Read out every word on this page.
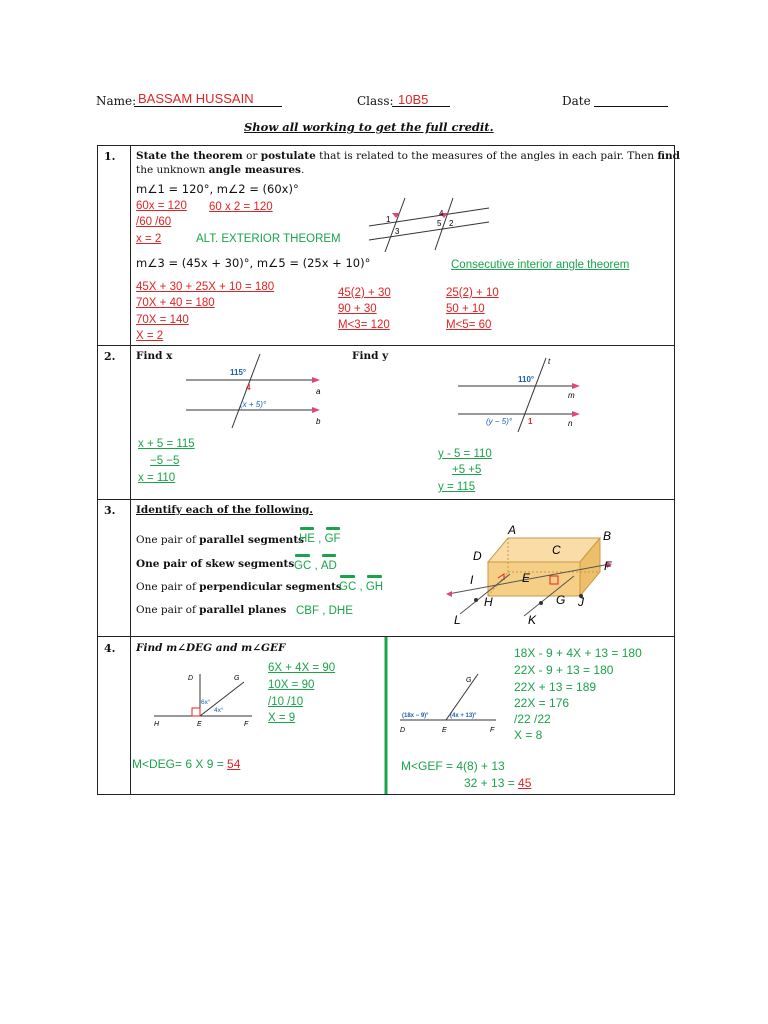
Name: BASSAM HUSSAIN	Class: 10B5	Date
Show all working to get the full credit.
1. State the theorem or postulate that is related to the measures of the angles in each pair. Then find
the unknown angle measures.
m∠1 = 120°, m∠2 = (60x)°
60x = 120 60 x 2 = 120
/60 /60
x = 2	ALT. EXTERIOR THEOREM
1	2
3
4
5
m∠3 = (45x + 30)°, m∠5 = (25x + 10)°	Consecutive interior angle theorem
45X + 30 + 25X + 10 = 180
70X + 40 = 180
70X = 140
X = 2
45(2) + 30
90 + 30
M<3= 120
25(2) + 10
50 + 10
M<5= 60
2. Find x	Find y
115°
4
(x + 5)°
a
b
x + 5 = 115
−5 −5
x = 110
110°
(y − 5)° 1
t
m
n
y - 5 = 110
+5 +5
y = 115
3. Identify each of the following.
One pair of parallel segments
HE , GF
One pair of skew segments GC , AD
One pair of perpendicular segments
GC , GH
One pair of parallel planes CBF , DHE
A	B
C
D
E
F
G
H
I
J
K
L
4. Find m∠DEG and m∠GEF
6X + 4X = 90
10X = 90
/10 /10
X = 9
D	G
H	E	F
6x°
4x°
M<DEG= 6 X 9 = 54
G
D	E	F
(18x − 9)°	(4x + 13)°
18X - 9 + 4X + 13 = 180
22X - 9 + 13 = 180
22X + 13 = 189
22X = 176
/22 /22
X = 8
M<GEF = 4(8) + 13
32 + 13 = 45
